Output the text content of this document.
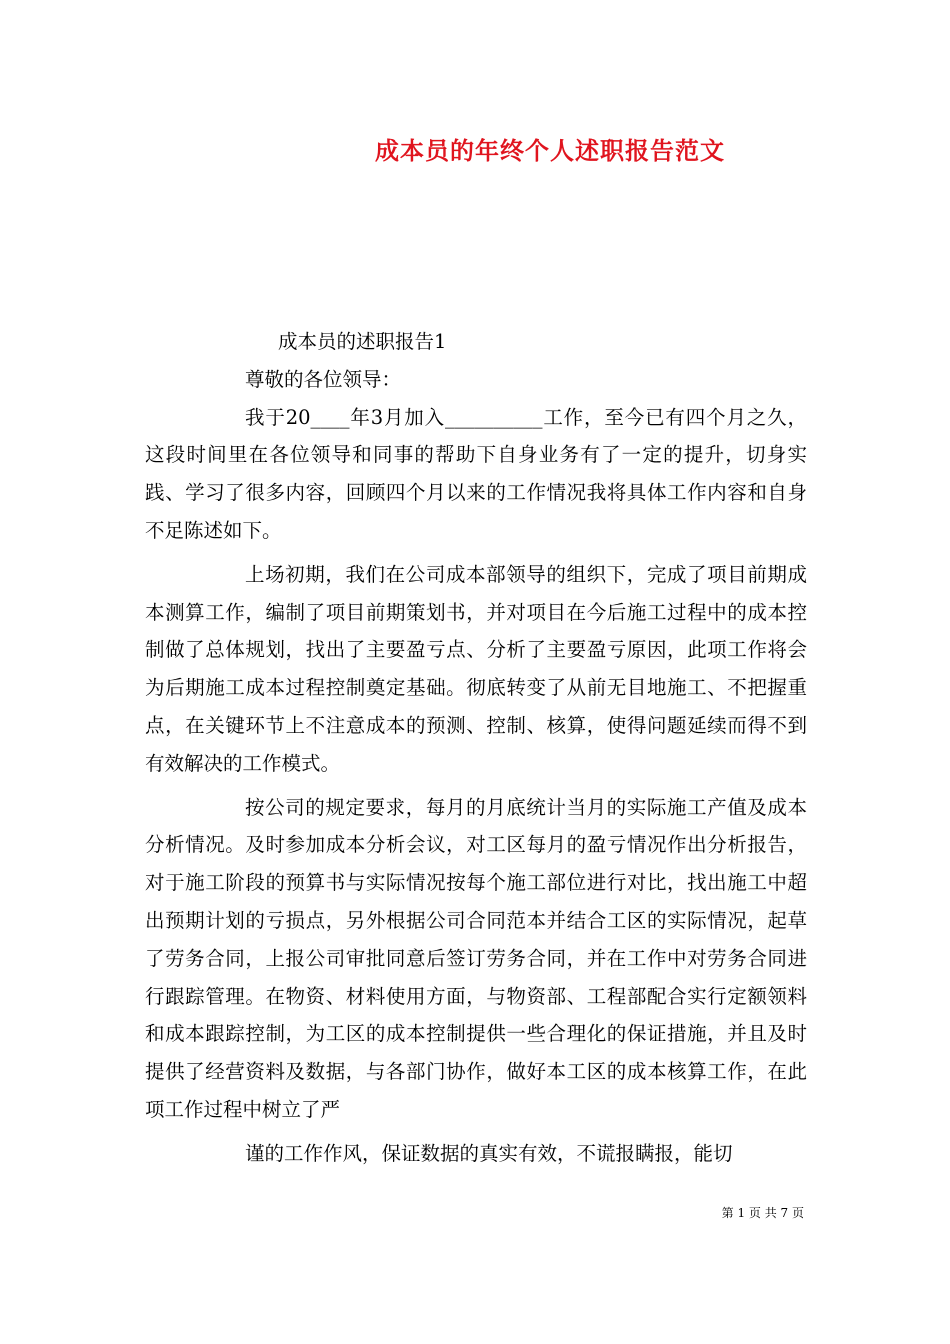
成本员的年终个人述职报告范文

成本员的述职报告1

尊敬的各位领导：

我于20____年3月加入__________工作，至今已有四个月之久，这段时间里在各位领导和同事的帮助下自身业务有了一定的提升，切身实践、学习了很多内容，回顾四个月以来的工作情况我将具体工作内容和自身不足陈述如下。

上场初期，我们在公司成本部领导的组织下，完成了项目前期成本测算工作，编制了项目前期策划书，并对项目在今后施工过程中的成本控制做了总体规划，找出了主要盈亏点、分析了主要盈亏原因，此项工作将会为后期施工成本过程控制奠定基础。彻底转变了从前无目地施工、不把握重点，在关键环节上不注意成本的预测、控制、核算，使得问题延续而得不到有效解决的工作模式。

按公司的规定要求，每月的月底统计当月的实际施工产值及成本分析情况。及时参加成本分析会议，对工区每月的盈亏情况作出分析报告，对于施工阶段的预算书与实际情况按每个施工部位进行对比，找出施工中超出预期计划的亏损点，另外根据公司合同范本并结合工区的实际情况，起草了劳务合同，上报公司审批同意后签订劳务合同，并在工作中对劳务合同进行跟踪管理。在物资、材料使用方面，与物资部、工程部配合实行定额领料和成本跟踪控制，为工区的成本控制提供一些合理化的保证措施，并且及时提供了经营资料及数据，与各部门协作，做好本工区的成本核算工作，在此项工作过程中树立了严

谨的工作作风，保证数据的真实有效，不谎报瞒报，能切

第 1 页 共 7 页
